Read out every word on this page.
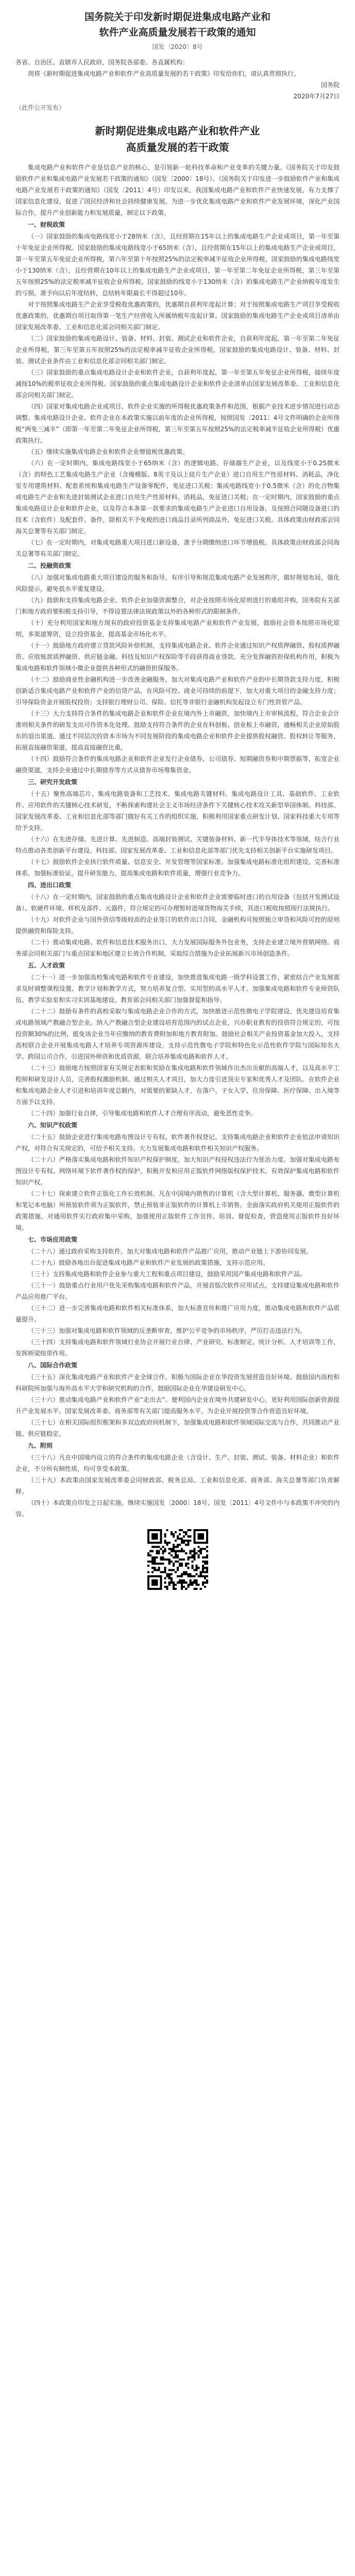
国务院关于印发新时期促进集成电路产业和
软件产业高质量发展若干政策的通知

国发〔2020〕8号

各省、自治区、直辖市人民政府，国务院各部委、各直属机构：

现将《新时期促进集成电路产业和软件产业高质量发展的若干政策》印发给你们，请认真贯彻执行。

国务院

2020年7月27日

（此件公开发布）

新时期促进集成电路产业和软件产业
高质量发展的若干政策

集成电路产业和软件产业是信息产业的核心，是引领新一轮科技革命和产业变革的关键力量。《国务院关于印发鼓励软件产业和集成电路产业发展若干政策的通知》（国发〔2000〕18号）、《国务院关于印发进一步鼓励软件产业和集成电路产业发展若干政策的通知》（国发〔2011〕4号）印发以来，我国集成电路产业和软件产业快速发展，有力支撑了国家信息化建设，促进了国民经济和社会持续健康发展。为进一步优化集成电路产业和软件产业发展环境，深化产业国际合作，提升产业创新能力和发展质量，制定以下政策。

一、财税政策

（一）国家鼓励的集成电路线宽小于28纳米（含），且经营期在15年以上的集成电路生产企业或项目，第一年至第十年免征企业所得税。国家鼓励的集成电路线宽小于65纳米（含），且经营期在15年以上的集成电路生产企业或项目，第一年至第五年免征企业所得税，第六年至第十年按照25%的法定税率减半征收企业所得税。国家鼓励的集成电路线宽小于130纳米（含），且经营期在10年以上的集成电路生产企业或项目，第一年至第二年免征企业所得税，第三年至第五年按照25%的法定税率减半征收企业所得税。国家鼓励的线宽小于130纳米（含）的集成电路生产企业纳税年度发生的亏损，准予向以后年度结转，总结转年限最长不得超过10年。

对于按照集成电路生产企业享受税收优惠政策的，优惠期自获利年度起计算；对于按照集成电路生产项目享受税收优惠政策的，优惠期自项目取得第一笔生产经营收入所属纳税年度起计算。国家鼓励的集成电路生产企业或项目清单由国家发展改革委、工业和信息化部会同相关部门制定。

（二）国家鼓励的集成电路设计、装备、材料、封装、测试企业和软件企业，自获利年度起，第一年至第二年免征企业所得税，第三年至第五年按照25%的法定税率减半征收企业所得税。国家鼓励的集成电路设计、装备、材料、封装、测试企业条件由工业和信息化部会同相关部门制定。

（三）国家鼓励的重点集成电路设计企业和软件企业，自获利年度起，第一年至第五年免征企业所得税，接续年度减按10%的税率征收企业所得税。国家鼓励的重点集成电路设计企业和软件企业清单由国家发展改革委、工业和信息化部会同相关部门制定。

（四）国家对集成电路企业或项目、软件企业实施的所得税优惠政策条件和范围，根据产业技术进步情况进行动态调整。集成电路设计企业、软件企业在本政策实施以前年度的企业所得税，按照国发〔2011〕4号文件明确的企业所得税“两免三减半”（即第一年至第二年免征企业所得税，第三年至第五年按照25%的法定税率减半征收企业所得税）优惠政策执行。

（五）继续实施集成电路企业和软件企业增值税优惠政策。

（六）在一定时期内，集成电路线宽小于65纳米（含）的逻辑电路、存储器生产企业，以及线宽小于0.25微米（含）的特色工艺集成电路生产企业（含掩模版、8英寸及以上硅片生产企业）进口自用生产性原材料、消耗品，净化室专用建筑材料、配套系统和集成电路生产设备零配件，免征进口关税；集成电路线宽小于0.5微米（含）的化合物集成电路生产企业和先进封装测试企业进口自用生产性原材料、消耗品，免征进口关税；在一定时期内，国家鼓励的重点集成电路设计企业和软件企业，以及符合本条第一款要求的集成电路生产企业进口自用设备，及按照合同随设备进口的技术（含软件）及配套件、备件，除相关不予免税的进口商品目录所列商品外，免征进口关税。具体政策由财政部会同海关总署等有关部门制定。

（七）在一定时期内，对集成电路重大项目进口新设备，准予分期缴纳进口环节增值税。具体政策由财政部会同海关总署等有关部门制定。

二、投融资政策

（八）加强对集成电路重大项目建设的服务和指导，有序引导和规范集成电路产业发展秩序，做好规划布局，强化风险提示，避免低水平重复建设。

（九）鼓励和支持集成电路企业、软件企业加强资源整合，对企业按照市场化原则进行的重组并购，国务院有关部门和地方政府要积极支持引导，不得设置法律法规政策以外的各种形式的限制条件。

（十）充分利用国家和地方现有的政府投资基金支持集成电路产业和软件产业发展，鼓励社会资本按照市场化原则，多渠道筹资，设立投资基金，提高基金市场化水平。

（十一）鼓励地方政府建立贷款风险补偿机制，支持集成电路企业、软件企业通过知识产权质押融资、股权质押融资、应收账款质押融资、供应链金融、科技及知识产权保险等手段获得商业贷款。充分发挥融资担保机构作用，积极为集成电路和软件领域小微企业提供各种形式的融资担保服务。

（十二）鼓励商业性金融机构进一步改善金融服务，加大对集成电路产业和软件产业的中长期贷款支持力度，积极创新适合集成电路产业和软件产业的信贷产品，在风险可控、商业可持续的前提下，加大对重大项目的金融支持力度；引导保险资金开展股权投资；支持银行理财公司、保险、信托等非银行金融机构发起设立专门性资管产品。

（十三）大力支持符合条件的集成电路企业和软件企业在境内外上市融资，加快境内上市审核流程，符合企业会计准则相关条件的研发支出可作资本化处理。鼓励支持符合条件的企业在科创板、创业板上市融资，通畅相关企业原始股东的退出渠道。通过不同层次的资本市场为不同发展阶段的集成电路企业和软件企业提供股权融资、股权转让等服务，拓展直接融资渠道，提高直接融资比重。

（十四）鼓励符合条件的集成电路企业和软件企业发行企业债券、公司债券、短期融资券和中期票据等，拓宽企业融资渠道，支持企业通过中长期债券等方式从债券市场筹集资金。

三、研究开发政策

（十五）聚焦高端芯片、集成电路装备和工艺技术、集成电路关键材料、集成电路设计工具、基础软件、工业软件、应用软件的关键核心技术研发，不断探索构建社会主义市场经济条件下关键核心技术攻关新型举国体制。科技部、国家发展改革委、工业和信息化部等部门做好有关工作的组织实施，积极利用国家重点研发计划、国家科技重大专项等给予支持。

（十六）在先进存储、先进计算、先进制造、高端封装测试、关键装备材料、新一代半导体技术等领域，结合行业特点推动各类创新平台建设。科技部、国家发展改革委、工业和信息化部等部门优先支持相关创新平台实施研发项目。

（十七）鼓励软件企业执行软件质量、信息安全、开发管理等国家标准。加强集成电路标准化组织建设，完善标准体系，加强标准验证，提升研发能力。提高集成电路和软件质量，增强行业竞争力。

四、进出口政策

（十八）在一定时期内，国家鼓励的重点集成电路设计企业和软件企业需要临时进口的自用设备（包括开发测试设备）、软硬件环境、样机及部件、元器件，符合规定的可办理暂时进境货物海关手续，其进口税收按照现行法规执行。

（十九）对软件企业与国外资信等级较高的企业签订的软件出口合同，金融机构可按照独立审贷和风险可控的原则提供融资和保险支持。

（二十）推动集成电路、软件和信息技术服务出口，大力发展国际服务外包业务，支持企业建立境外营销网络。商务部会同相关部门与重点国家和地区建立长效合作机制，采取综合措施为企业拓展新兴市场创造条件。

五、人才政策

（二十一）进一步加强高校集成电路和软件专业建设，加快推进集成电路一级学科设置工作，紧密结合产业发展需求及时调整课程设置、教学计划和教学方式，努力培养复合型、实用型的高水平人才。加强集成电路和软件专业师资队伍、教学实验室和实习实训基地建设。教育部会同相关部门加强督促和指导。

（二十二）鼓励有条件的高校采取与集成电路企业合作的方式，加快推进示范性微电子学院建设。优先建设培育集成电路领域产教融合型企业。纳入产教融合型企业建设培育范围内的试点企业，兴办职业教育的投资符合规定的，可按投资额30%的比例，抵免该企业当年应缴纳的教育费附加和地方教育附加。鼓励社会相关产业投资基金加大投入，支持高校联合企业开展集成电路人才培养专项资源库建设。支持示范性微电子学院和特色化示范性软件学院与国际知名大学、跨国公司合作，引进国外师资和优质资源，联合培养集成电路和软件人才。

（二十三）鼓励地方按照国家有关规定表彰和奖励在集成电路和软件领域作出杰出贡献的高端人才，以及高水平工程师和研发设计人员，完善股权激励机制。通过相关人才项目，加大力度引进顶尖专家和优秀人才及团队。在软件企业和集成电路企业人才引进和培训年度总额内，对需要的紧缺人才，在落户、子女入学、住房保障、医疗保障、出入境等方面予以支持。

（二十四）加强行业自律，引导集成电路和软件人才合理有序流动，避免恶性竞争。

六、知识产权政策

（二十五）鼓励企业进行集成电路布图设计专有权、软件著作权登记。支持集成电路企业和软件企业依法申请知识产权，对符合有关规定的，可给予相关支持。大力发展集成电路和软件相关知识产权服务。

（二十六）严格落实集成电路和软件知识产权保护制度，加大知识产权侵权违法行为惩治力度。加强对集成电路布图设计专有权、网络环境下软件著作权的保护，积极开发和应用正版软件网络版权保护技术，有效保护集成电路和软件知识产权。

（二十七）探索建立软件正版化工作长效机制。凡在中国境内销售的计算机（含大型计算机、服务器、微型计算机和笔记本电脑）所预装软件须为正版软件，禁止预装非正版软件的计算机上市销售。全面落实政府机关使用正版软件的政策措施，对通用软件实行政府集中采购，加强使用正版软件工作宣传、培训、督促检查，营造使用正版软件良好环境。

七、市场应用政策

（二十八）通过政府采购支持软件，加大对集成电路和软件产品推广应用，推动产业链上下游协同发展。

（二十九）鼓励各地出台促进集成电路产业和软件产业发展的政策措施，支持示范应用。

（三十）支持集成电路和软件企业参与重大工程和重点项目建设，鼓励采用国产集成电路和软件产品。

（三十一）鼓励重点行业用户优先采购集成电路和软件产品，开展首版次软件应用试点，支持建设集成电路和软件产品应用推广平台。

（三十二）进一步完善集成电路和软件相关标准体系，加大标准宣传和推广应用力度，推动集成电路和软件产品质量提升。

（三十三）加强对集成电路和软件领域的反垄断审查，维护公平竞争的市场秩序，严厉打击违法行为。

（三十四）支持集成电路和软件领域行业协会开展行业自律、产业研究、标准制定、统计分析、人才培训等工作，发挥桥梁纽带作用。

八、国际合作政策

（三十五）深化集成电路产业和软件产业全球合作，积极为国际企业在华投资发展营造良好环境。鼓励国内高校和科研院所加强与海外高水平大学和研究机构的合作，鼓励国际企业在华建设研发中心。

（三十六）推动集成电路产业和软件产业“走出去”。便利国内企业在境外共建研发中心，更好利用国际创新资源提升产业发展水平。国家发展改革委、商务部等有关部门提高服务水平，为企业开展投资等合作营造良好环境。

（三十七）在相关国际组织框架和多双边政府间机制下，加强集成电路和软件领域国际交流与合作，共同推动产业链、供应链稳定。

九、附则

（三十八）凡在中国境内设立的符合条件的集成电路企业（含设计、生产、封装、测试、装备、材料企业）和软件企业，不分所有制性质，均可享受本政策。

（三十九）本政策由国家发展改革委会同财政部、税务总局、工业和信息化部、商务部、海关总署等部门负责解释。

（四十）本政策自印发之日起实施。继续实施国发〔2000〕18号、国发〔2011〕4号文件中与本政策不冲突的内容。
